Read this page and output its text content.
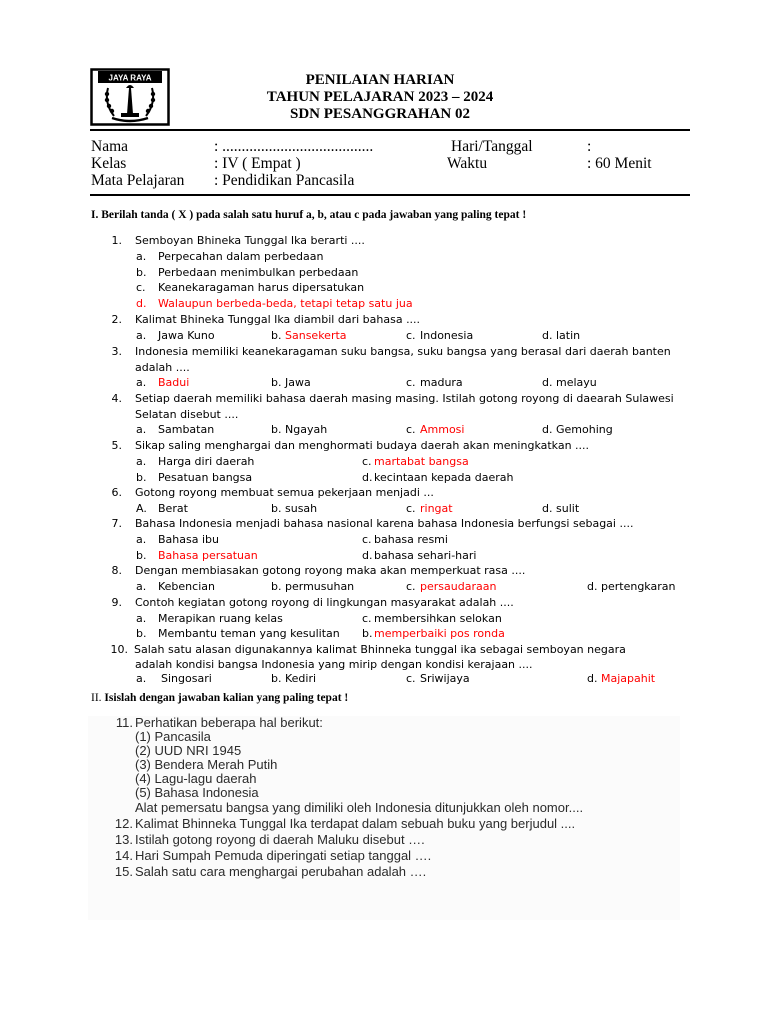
JAYA RAYA	PENILAIAN HARIAN
TAHUN PELAJARAN 2023 – 2024
SDN PESANGGRAHAN 02
Nama	: .......................................	Hari/Tanggal	:
Kelas	: IV ( Empat )	Waktu	: 60 Menit
Mata Pelajaran : Pendidikan Pancasila
I. Berilah tanda ( X ) pada salah satu huruf a, b, atau c pada jawaban yang paling tepat !
1. Semboyan Bhineka Tunggal Ika berarti ....
a. Perpecahan dalam perbedaan
b. Perbedaan menimbulkan perbedaan
c. Keanekaragaman harus dipersatukan
d. Walaupun berbeda-beda, tetapi tetap satu jua
2. Kalimat Bhineka Tunggal Ika diambil dari bahasa ....
a. Jawa Kuno	b. Sansekerta	c. Indonesia	d. latin
3. Indonesia memiliki keanekaragaman suku bangsa, suku bangsa yang berasal dari daerah banten
adalah ....
a. Badui	b. Jawa	c. madura	d. melayu
4. Setiap daerah memiliki bahasa daerah masing masing. Istilah gotong royong di daearah Sulawesi
Selatan disebut ....
a. Sambatan	b. Ngayah	c. Ammosi	d. Gemohing
5. Sikap saling menghargai dan menghormati budaya daerah akan meningkatkan ....
a. Harga diri daerah	c. martabat bangsa
b. Pesatuan bangsa	d. kecintaan kepada daerah
6. Gotong royong membuat semua pekerjaan menjadi ...
A. Berat	b. susah	c. ringat	d. sulit
7. Bahasa Indonesia menjadi bahasa nasional karena bahasa Indonesia berfungsi sebagai ....
a. Bahasa ibu	c. bahasa resmi
b. Bahasa persatuan	d. bahasa sehari-hari
8. Dengan membiasakan gotong royong maka akan memperkuat rasa ....
a. Kebencian	b. permusuhan	c. persaudaraan	d. pertengkaran
9. Contoh kegiatan gotong royong di lingkungan masyarakat adalah ....
a. Merapikan ruang kelas	c. membersihkan selokan
b. Membantu teman yang kesulitan b. memperbaiki pos ronda
10. Salah satu alasan digunakannya kalimat Bhinneka tunggal ika sebagai semboyan negara
adalah kondisi bangsa Indonesia yang mirip dengan kondisi kerajaan ....
a. Singosari	b. Kediri	c. Sriwijaya	d. Majapahit
II. Isislah dengan jawaban kalian yang paling tepat !
11. Perhatikan beberapa hal berikut:
(1) Pancasila
(2) UUD NRI 1945
(3) Bendera Merah Putih
(4) Lagu-lagu daerah
(5) Bahasa Indonesia
Alat pemersatu bangsa yang dimiliki oleh Indonesia ditunjukkan oleh nomor....
12. Kalimat Bhinneka Tunggal Ika terdapat dalam sebuah buku yang berjudul ....
13. Istilah gotong royong di daerah Maluku disebut ….
14. Hari Sumpah Pemuda diperingati setiap tanggal ….
15. Salah satu cara menghargai perubahan adalah ….
